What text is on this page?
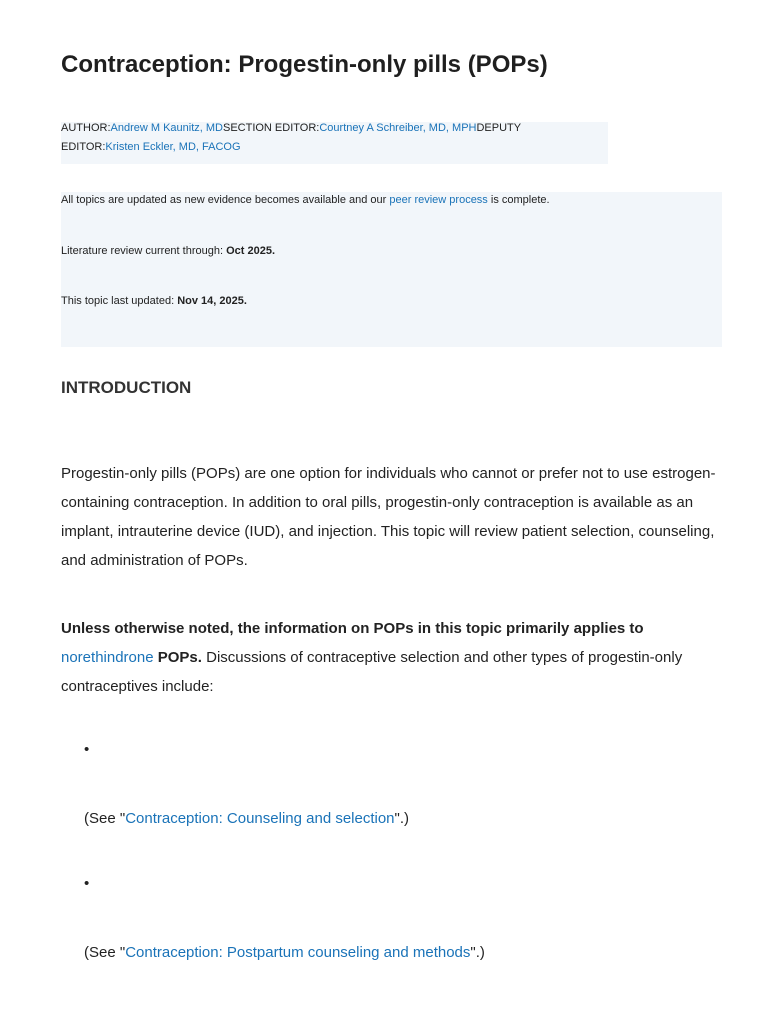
Contraception: Progestin-only pills (POPs)
AUTHOR:Andrew M Kaunitz, MDSECTION EDITOR:Courtney A Schreiber, MD, MPHDEPUTY
EDITOR:Kristen Eckler, MD, FACOG
All topics are updated as new evidence becomes available and our peer review process is complete.
Literature review current through: Oct 2025.
This topic last updated: Nov 14, 2025.
INTRODUCTION

Progestin-only pills (POPs) are one option for individuals who cannot or prefer not to use estrogen-containing contraception. In addition to oral pills, progestin-only contraception is available as an implant, intrauterine device (IUD), and injection. This topic will review patient selection, counseling, and administration of POPs.

Unless otherwise noted, the information on POPs in this topic primarily applies to norethindrone POPs. Discussions of contraceptive selection and other types of progestin-only contraceptives include:

•
(See "Contraception: Counseling and selection".)
•
(See "Contraception: Postpartum counseling and methods".)
